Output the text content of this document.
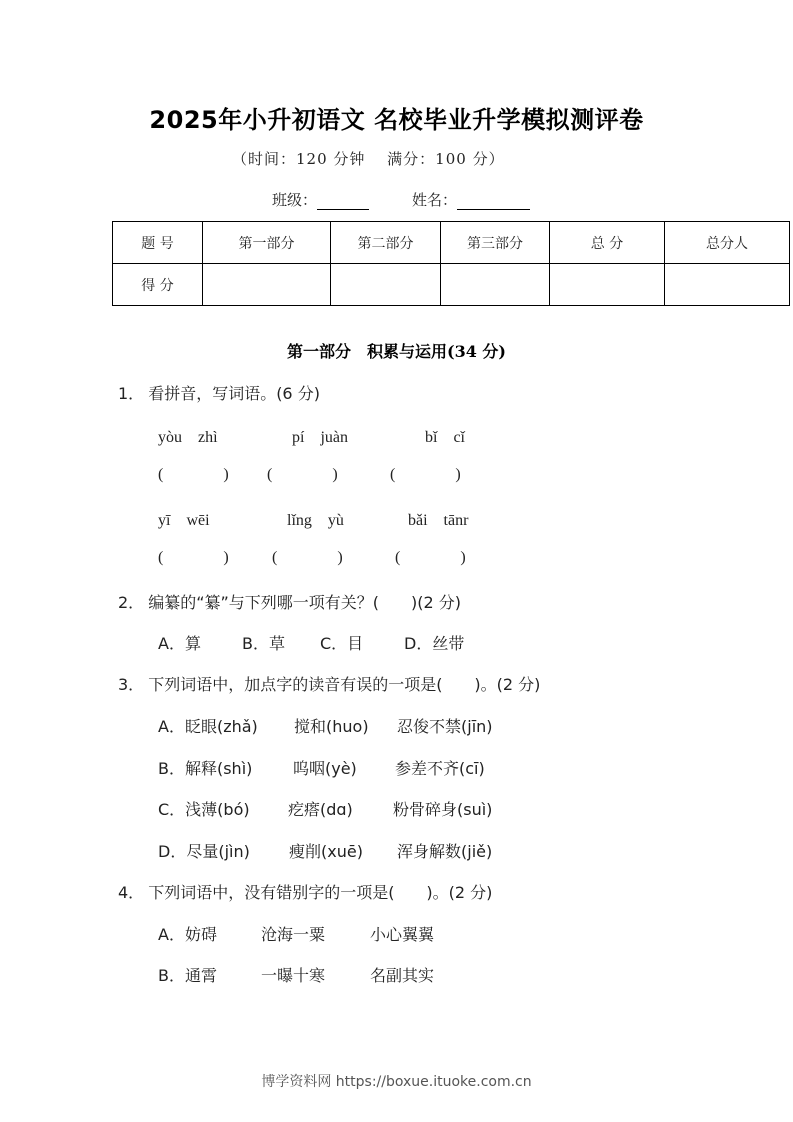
2025年小升初语文 名校毕业升学模拟测评卷
（时间：120 分钟　 满分：100 分）
班级：	姓名：
题 号	第一部分	第二部分	第三部分	总 分	总分人
得 分					
第一部分　积累与运用(34 分)
1． 看拼音，写词语。(6 分)
yòu　zhì	pí　juàn	bǐ　cǐ
(	) (	)	(	)
yī　wēi	lǐng　yù	bǎi　tānr
(	)	(	)	(	)
2． 编纂的“纂”与下列哪一项有关？(　　)(2 分)
A．算	B．草 C．目	D．丝带
3． 下列词语中，加点字的读音有误的一项是(　　)。(2 分)
A．眨眼(zhǎ) 搅和(huo) 忍俊不禁(jīn)
B．解释(shì)	呜咽(yè) 参差不齐(cī)
C．浅薄(bó) 疙瘩(dɑ)	粉骨碎身(suì)
D．尽量(jìn) 瘦削(xuē) 浑身解数(jiě)
4． 下列词语中，没有错别字的一项是(　　)。(2 分)
A．妨碍	沧海一粟	小心翼翼
B．通霄	一曝十寒	名副其实
博学资料网 https://boxue.ituoke.com.cn
